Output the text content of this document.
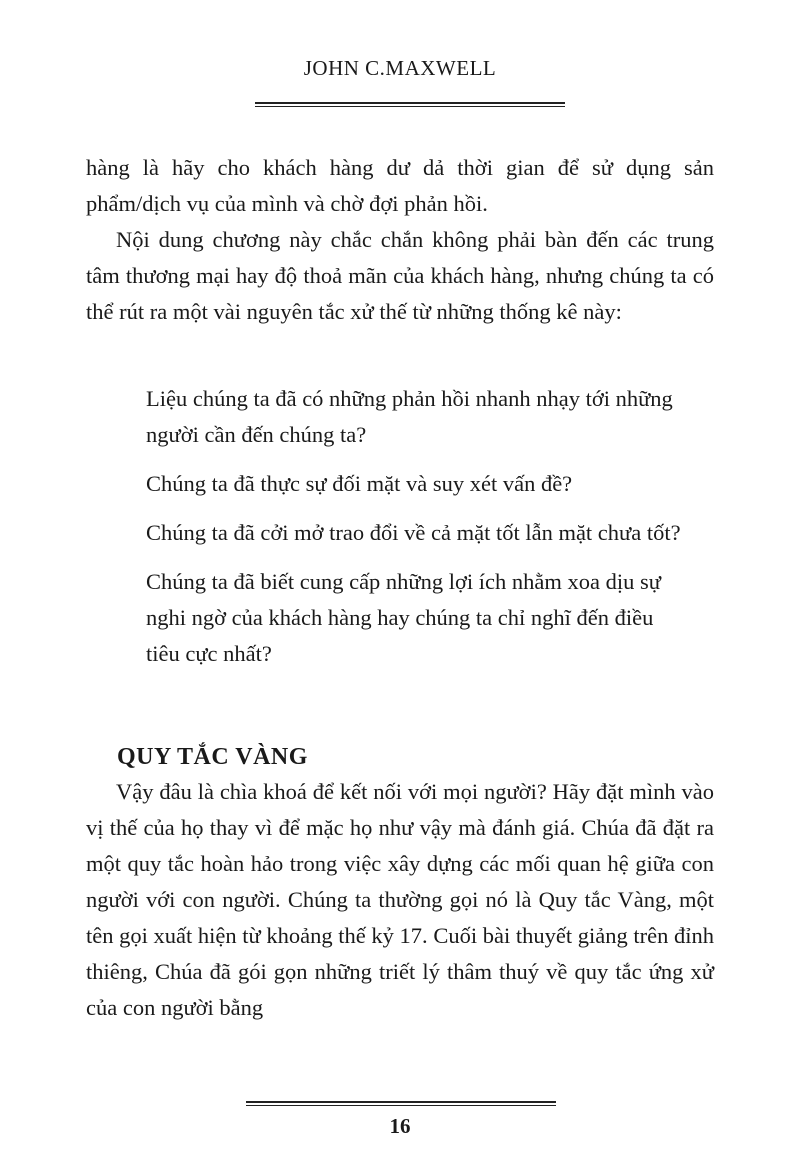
JOHN C.MAXWELL

hàng là hãy cho khách hàng dư dả thời gian để sử dụng sản phẩm/dịch vụ của mình và chờ đợi phản hồi.

Nội dung chương này chắc chắn không phải bàn đến các trung tâm thương mại hay độ thoả mãn của khách hàng, nhưng chúng ta có thể rút ra một vài nguyên tắc xử thế từ những thống kê này:

Liệu chúng ta đã có những phản hồi nhanh nhạy tới những người cần đến chúng ta?

Chúng ta đã thực sự đối mặt và suy xét vấn đề?

Chúng ta đã cởi mở trao đổi về cả mặt tốt lẫn mặt chưa tốt?

Chúng ta đã biết cung cấp những lợi ích nhằm xoa dịu sự nghi ngờ của khách hàng hay chúng ta chỉ nghĩ đến điều tiêu cực nhất?

QUY TẮC VÀNG

Vậy đâu là chìa khoá để kết nối với mọi người? Hãy đặt mình vào vị thế của họ thay vì để mặc họ như vậy mà đánh giá. Chúa đã đặt ra một quy tắc hoàn hảo trong việc xây dựng các mối quan hệ giữa con người với con người. Chúng ta thường gọi nó là Quy tắc Vàng, một tên gọi xuất hiện từ khoảng thế kỷ 17. Cuối bài thuyết giảng trên đỉnh thiêng, Chúa đã gói gọn những triết lý thâm thuý về quy tắc ứng xử của con người bằng

16
